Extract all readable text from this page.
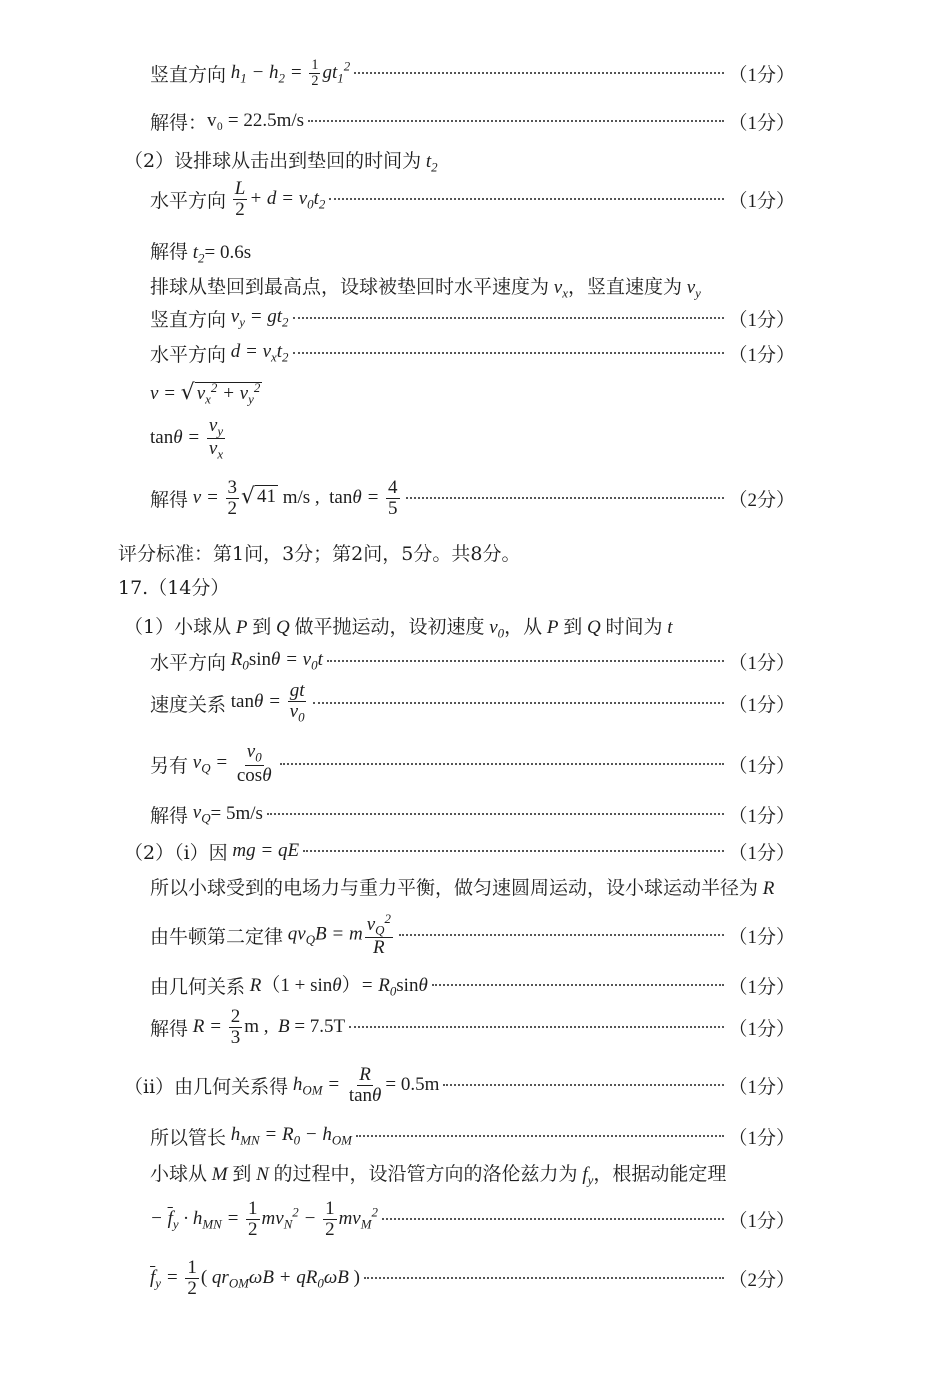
竖直方向 $h_1 - h_2 = \frac{1}{2} gt_1^2$	（1分）
解得： v₀ = 22.5m/s	（1分）
（2）设排球从击出到垫回的时间为 $t_2$
水平方向
$\frac{L}{2} + d = v_0t_2$	（1分）
解得 $t_2= 0.6s$
排球从垫回到最高点，设球被垫回时水平速度为 $v_x$，竖直速度为 $v_y$
竖直方向 $v_y = gt_2$	（1分）
水平方向 $d = v_xt_2$	（1分）
v = √ $v_x^2 + v_y^2$
$\tan\theta = \frac{v_y}{v_x}$
解得 $v = \frac{3}{2}$ √ 41 m/s ,  $\tan\theta = \frac{4}{5}$	（2分）
评分标准：第1问，3分；第2问，5分。共8分。
17.（14分）
（1）小球从 P 到 Q 做平抛运动，设初速度 $v_0$，从 P 到 Q 时间为 t
水平方向 $R_0\sin\theta = v_0t$	（1分）
速度关系 $\tan\theta = \frac{gt}{v_0}$	（1分）
另有 $v_Q = \frac{v_0}{\cos\theta}$	（1分）
解得 $v_Q = 5m/s$	（1分）
（2）（i）因 mg = qE	（1分）
所以小球受到的电场力与重力平衡，做匀速圆周运动，设小球运动半径为 R
由牛顿第二定律 $qv_QB = m \frac{v_Q^2}{R}$	（1分）
由几何关系 $R(1 + \sin\theta)= R_0\sin\theta$	（1分）
解得 $R = \frac{2}{3}$ m ,  B = 7.5T	（1分）
（ii）由几何关系得 $h_{OM} = \frac{R}{\tan\theta} = 0.5m$	（1分）
所以管长 $h_{MN} = R_0 - h_{OM}$	（1分）
小球从 M 到 N 的过程中，设沿管方向的洛伦兹力为 $f_y$，根据动能定理
− $\overline{f}_y \cdot h_{MN} = \frac{1}{2} mv_N^2 - \frac{1}{2} mv_M^2$	（1分）
$\overline{f}_y = \frac{1}{2}$ ( $qr_{OM}\omega B + qR_0\omega B$ )	（2分）
